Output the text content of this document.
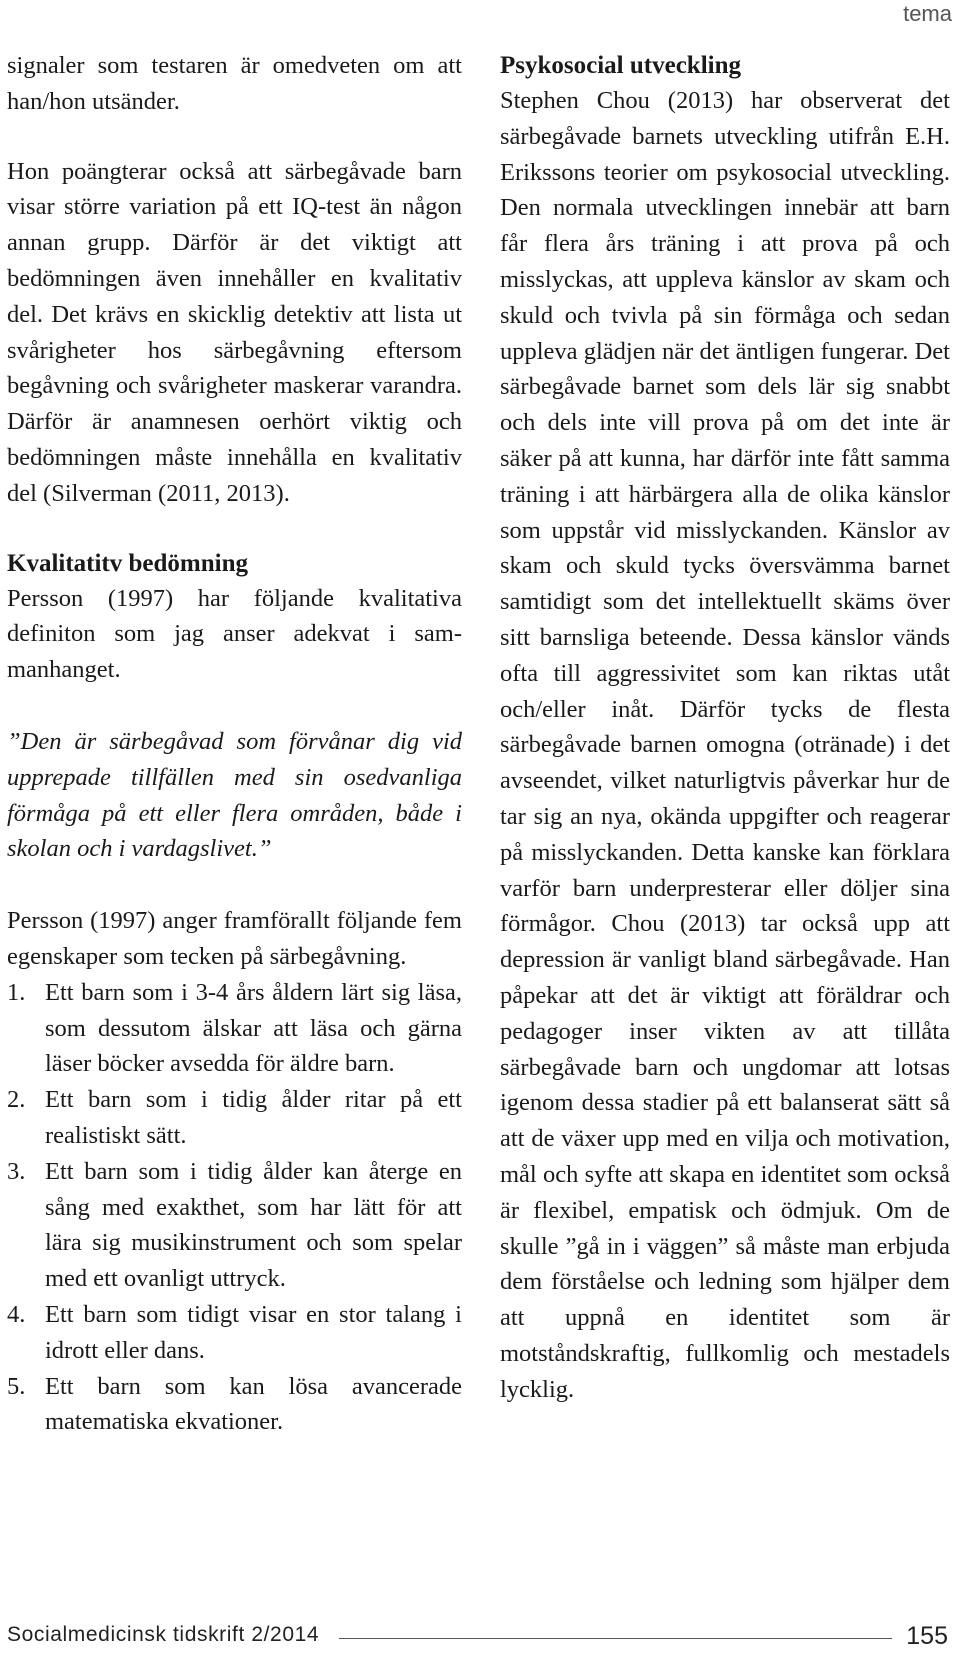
tema

signaler som testaren är omedveten om att han/hon utsänder.

Hon poängterar också att särbegåvade barn visar större variation på ett IQ-test än någon annan grupp. Därför är det viktigt att bedömningen även innehåller en kvalitativ del. Det krävs en skicklig detektiv att lista ut svårigheter hos särbegåvning eftersom begåvning och svårigheter maskerar varandra. Därför är anamnesen oerhört viktig och bedömningen måste innehålla en kvalitativ del (Silverman (2011, 2013).

Kvalitatitv bedömning

Persson (1997) har följande kvalitativa definiton som jag anser adekvat i sammanhanget.

”Den är särbegåvad som förvånar dig vid upprepade tillfällen med sin osedvanliga förmåga på ett eller flera områden, både i skolan och i vardagslivet.”

Persson (1997) anger framförallt följande fem egenskaper som tecken på särbegåvning.

1. Ett barn som i 3-4 års åldern lärt sig läsa, som dessutom älskar att läsa och gärna läser böcker avsedda för äldre barn.
2. Ett barn som i tidig ålder ritar på ett realistiskt sätt.
3. Ett barn som i tidig ålder kan återge en sång med exakthet, som har lätt för att lära sig musikinstrument och som spelar med ett ovanligt uttryck.
4. Ett barn som tidigt visar en stor talang i idrott eller dans.
5. Ett barn som kan lösa avancerade matematiska ekvationer.
Psykosocial utveckling

Stephen Chou (2013) har observerat det särbegåvade barnets utveckling utifrån E.H. Erikssons teorier om psykosocial utveckling. Den normala utvecklingen innebär att barn får flera års träning i att prova på och misslyckas, att uppleva känslor av skam och skuld och tvivla på sin förmåga och sedan uppleva glädjen när det äntligen fungerar. Det särbegåvade barnet som dels lär sig snabbt och dels inte vill prova på om det inte är säker på att kunna, har därför inte fått samma träning i att härbärgera alla de olika känslor som uppstår vid misslyckanden. Känslor av skam och skuld tycks översvämma barnet samtidigt som det intellektuellt skäms över sitt barnsliga beteende. Dessa känslor vänds ofta till aggressivitet som kan riktas utåt och/eller inåt. Därför tycks de flesta särbegåvade barnen omogna (otränade) i det avseendet, vilket naturligtvis påverkar hur de tar sig an nya, okända uppgifter och reagerar på misslyckanden. Detta kanske kan förklara varför barn underpresterar eller döljer sina förmågor. Chou (2013) tar också upp att depression är vanligt bland särbegåvade. Han påpekar att det är viktigt att föräldrar och pedagoger inser vikten av att tillåta särbegåvade barn och ungdomar att lotsas igenom dessa stadier på ett balanserat sätt så att de växer upp med en vilja och motivation, mål och syfte att skapa en identitet som också är flexibel, empatisk och ödmjuk. Om de skulle ”gå in i väggen” så måste man erbjuda dem förståelse och ledning som hjälper dem att uppnå en identitet som är motståndskraftig, fullkomlig och mestadels lycklig.

Socialmedicinsk tidskrift 2/2014	155
